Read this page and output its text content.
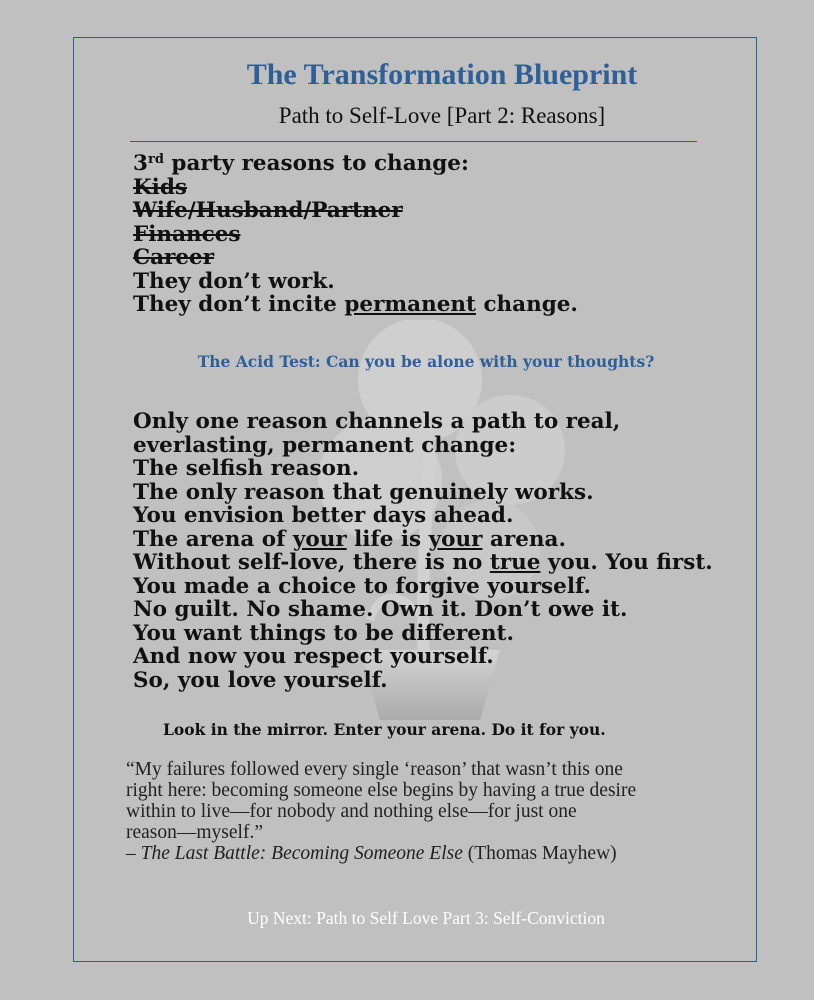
The Transformation Blueprint
Path to Self-Love [Part 2: Reasons]
3rd party reasons to change:
Kids
Wife/Husband/Partner
Finances
Career
They don’t work.
They don’t incite permanent change.
The Acid Test: Can you be alone with your thoughts?
Only one reason channels a path to real,
everlasting, permanent change:
The selfish reason.
The only reason that genuinely works.
You envision better days ahead.
The arena of your life is your arena.
Without self-love, there is no true you. You first.
You made a choice to forgive yourself.
No guilt. No shame. Own it. Don’t owe it.
You want things to be different.
And now you respect yourself.
So, you love yourself.
Look in the mirror. Enter your arena. Do it for you.
“My failures followed every single ‘reason’ that wasn’t this one
right here: becoming someone else begins by having a true desire
within to live—for nobody and nothing else—for just one
reason—myself.”
– The Last Battle: Becoming Someone Else (Thomas Mayhew)
Up Next: Path to Self Love Part 3: Self-Conviction
